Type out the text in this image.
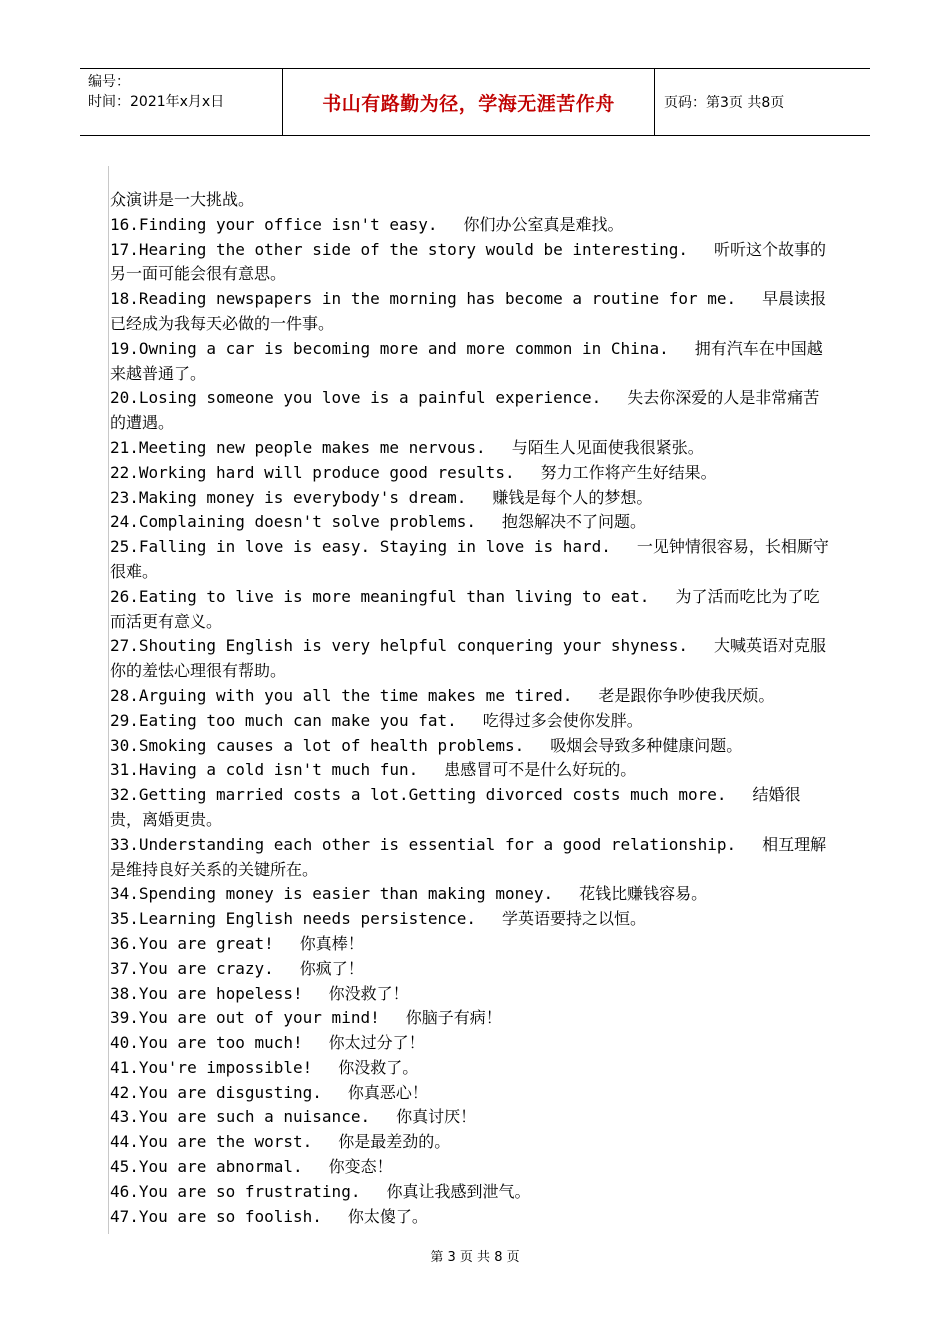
编号：
时间：2021年x月x日	书山有路勤为径，学海无涯苦作舟	页码：第3页 共8页
众演讲是一大挑战。
16.Finding your office isn't easy. 你们办公室真是难找。
17.Hearing the other side of the story would be interesting. 听听这个故事的另一面可能会很有意思。
18.Reading newspapers in the morning has become a routine for me. 早晨读报已经成为我每天必做的一件事。
19.Owning a car is becoming more and more common in China. 拥有汽车在中国越来越普通了。
20.Losing someone you love is a painful experience. 失去你深爱的人是非常痛苦的遭遇。
21.Meeting new people makes me nervous. 与陌生人见面使我很紧张。
22.Working hard will produce good results. 努力工作将产生好结果。
23.Making money is everybody's dream. 赚钱是每个人的梦想。
24.Complaining doesn't solve problems. 抱怨解决不了问题。
25.Falling in love is easy. Staying in love is hard. 一见钟情很容易，长相厮守很难。
26.Eating to live is more meaningful than living to eat. 为了活而吃比为了吃而活更有意义。
27.Shouting English is very helpful conquering your shyness. 大喊英语对克服你的羞怯心理很有帮助。
28.Arguing with you all the time makes me tired. 老是跟你争吵使我厌烦。
29.Eating too much can make you fat. 吃得过多会使你发胖。
30.Smoking causes a lot of health problems. 吸烟会导致多种健康问题。
31.Having a cold isn't much fun. 患感冒可不是什么好玩的。
32.Getting married costs a lot.Getting divorced costs much more. 结婚很贵，离婚更贵。
33.Understanding each other is essential for a good relationship. 相互理解是维持良好关系的关键所在。
34.Spending money is easier than making money. 花钱比赚钱容易。
35.Learning English needs persistence. 学英语要持之以恒。
36.You are great! 你真棒！
37.You are crazy. 你疯了！
38.You are hopeless! 你没救了！
39.You are out of your mind! 你脑子有病！
40.You are too much! 你太过分了！
41.You're impossible! 你没救了。
42.You are disgusting. 你真恶心！
43.You are such a nuisance. 你真讨厌！
44.You are the worst. 你是最差劲的。
45.You are abnormal. 你变态！
46.You are so frustrating. 你真让我感到泄气。
47.You are so foolish. 你太傻了。
第 3 页 共 8 页
